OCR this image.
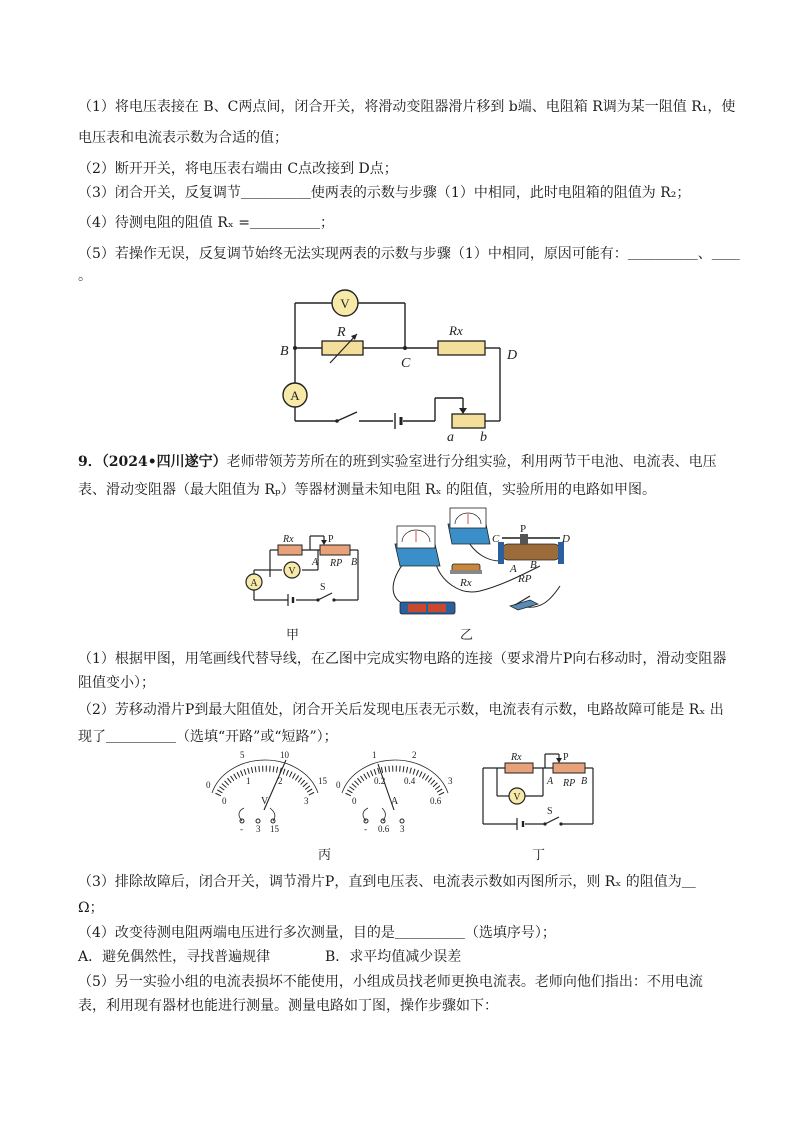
（1）将电压表接在 B、C两点间，闭合开关，将滑动变阻器滑片移到 b端、电阻箱 R调为某一阻值 R₁，使
电压表和电流表示数为合适的值；
（2）断开开关，将电压表右端由 C点改接到 D点；
（3）闭合开关，反复调节＿＿＿＿＿使两表的示数与步骤（1）中相同，此时电阻箱的阻值为 R₂；
（4）待测电阻的阻值 Rₓ =＿＿＿＿＿；
（5）若操作无误，反复调节始终无法实现两表的示数与步骤（1）中相同，原因可能有：＿＿＿＿＿、＿＿
。
V
A
R	Rx
B
C
D
a b
9．（2024•四川遂宁）老师带领芳芳所在的班到实验室进行分组实验，利用两节干电池、电流表、电压
表、滑动变阻器（最大阻值为 Rₚ）等器材测量未知电阻 Rₓ 的阻值，实验所用的电路如甲图。
Rx	P
A RP B
S
A
V
甲
C
P
D
A B
RP
Rx
乙
（1）根据甲图，用笔画线代替导线，在乙图中完成实物电路的连接（要求滑片P向右移动时，滑动变阻器
阻值变小）；
（2）芳移动滑片P到最大阻值处，闭合开关后发现电压表无示数，电流表有示数，电路故障可能是 Rₓ 出
现了＿＿＿＿＿（选填“开路”或“短路”）；
0
5	10
15
0
1	2
3
V
- 3 15
0
1	2
3
0
0.2 0.4
0.6
A
- 0.6 3
丙
Rx	P
A RP B
S
V
丁
（3）排除故障后，闭合开关，调节滑片P，直到电压表、电流表示数如丙图所示，则 Rₓ 的阻值为＿
Ω；
（4）改变待测电阻两端电压进行多次测量，目的是＿＿＿＿＿（选填序号）；
A．避免偶然性，寻找普遍规律	B．求平均值减少误差
（5）另一实验小组的电流表损坏不能使用，小组成员找老师更换电流表。老师向他们指出：不用电流
表，利用现有器材也能进行测量。测量电路如丁图，操作步骤如下：
